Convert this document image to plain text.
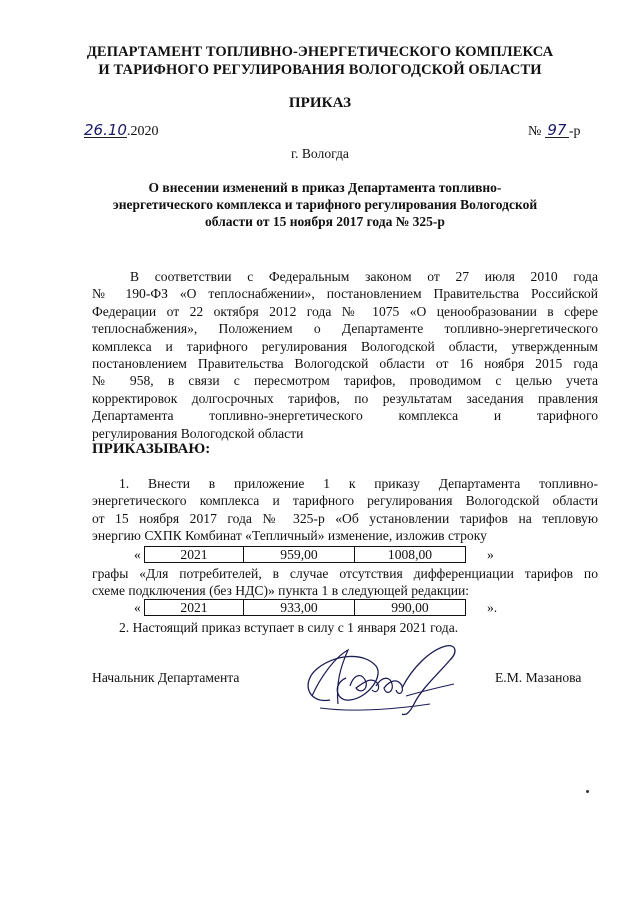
ДЕПАРТАМЕНТ ТОПЛИВНО-ЭНЕРГЕТИЧЕСКОГО КОМПЛЕКСА
И ТАРИФНОГО РЕГУЛИРОВАНИЯ ВОЛОГОДСКОЙ ОБЛАСТИ
ПРИКАЗ
26.10.2020	№ 97 -р
г. Вологда
О внесении изменений в приказ Департамента топливно-
энергетического комплекса и тарифного регулирования Вологодской
области от 15 ноября 2017 года № 325-р
В соответствии с Федеральным законом от 27 июля 2010 года
№ 190-ФЗ «О теплоснабжении», постановлением Правительства Российской
Федерации от 22 октября 2012 года № 1075 «О ценообразовании в сфере
теплоснабжения», Положением о Департаменте топливно-энергетического
комплекса и тарифного регулирования Вологодской области, утвержденным
постановлением Правительства Вологодской области от 16 ноября 2015 года
№ 958, в связи с пересмотром тарифов, проводимом с целью учета
корректировок долгосрочных тарифов, по результатам заседания правления
Департамента топливно-энергетического комплекса и тарифного
регулирования Вологодской области
ПРИКАЗЫВАЮ:
1. Внести в приложение 1 к приказу Департамента топливно-
энергетического комплекса и тарифного регулирования Вологодской области
от 15 ноября 2017 года № 325-р «Об установлении тарифов на тепловую
энергию СХПК Комбинат «Тепличный» изменение, изложив строку
«	2021	959,00	1008,00	»
графы «Для потребителей, в случае отсутствия дифференциации тарифов по
схеме подключения (без НДС)» пункта 1 в следующей редакции:
«	2021	933,00	990,00	».
2. Настоящий приказ вступает в силу с 1 января 2021 года.
Начальник Департамента	Е.М. Мазанова
